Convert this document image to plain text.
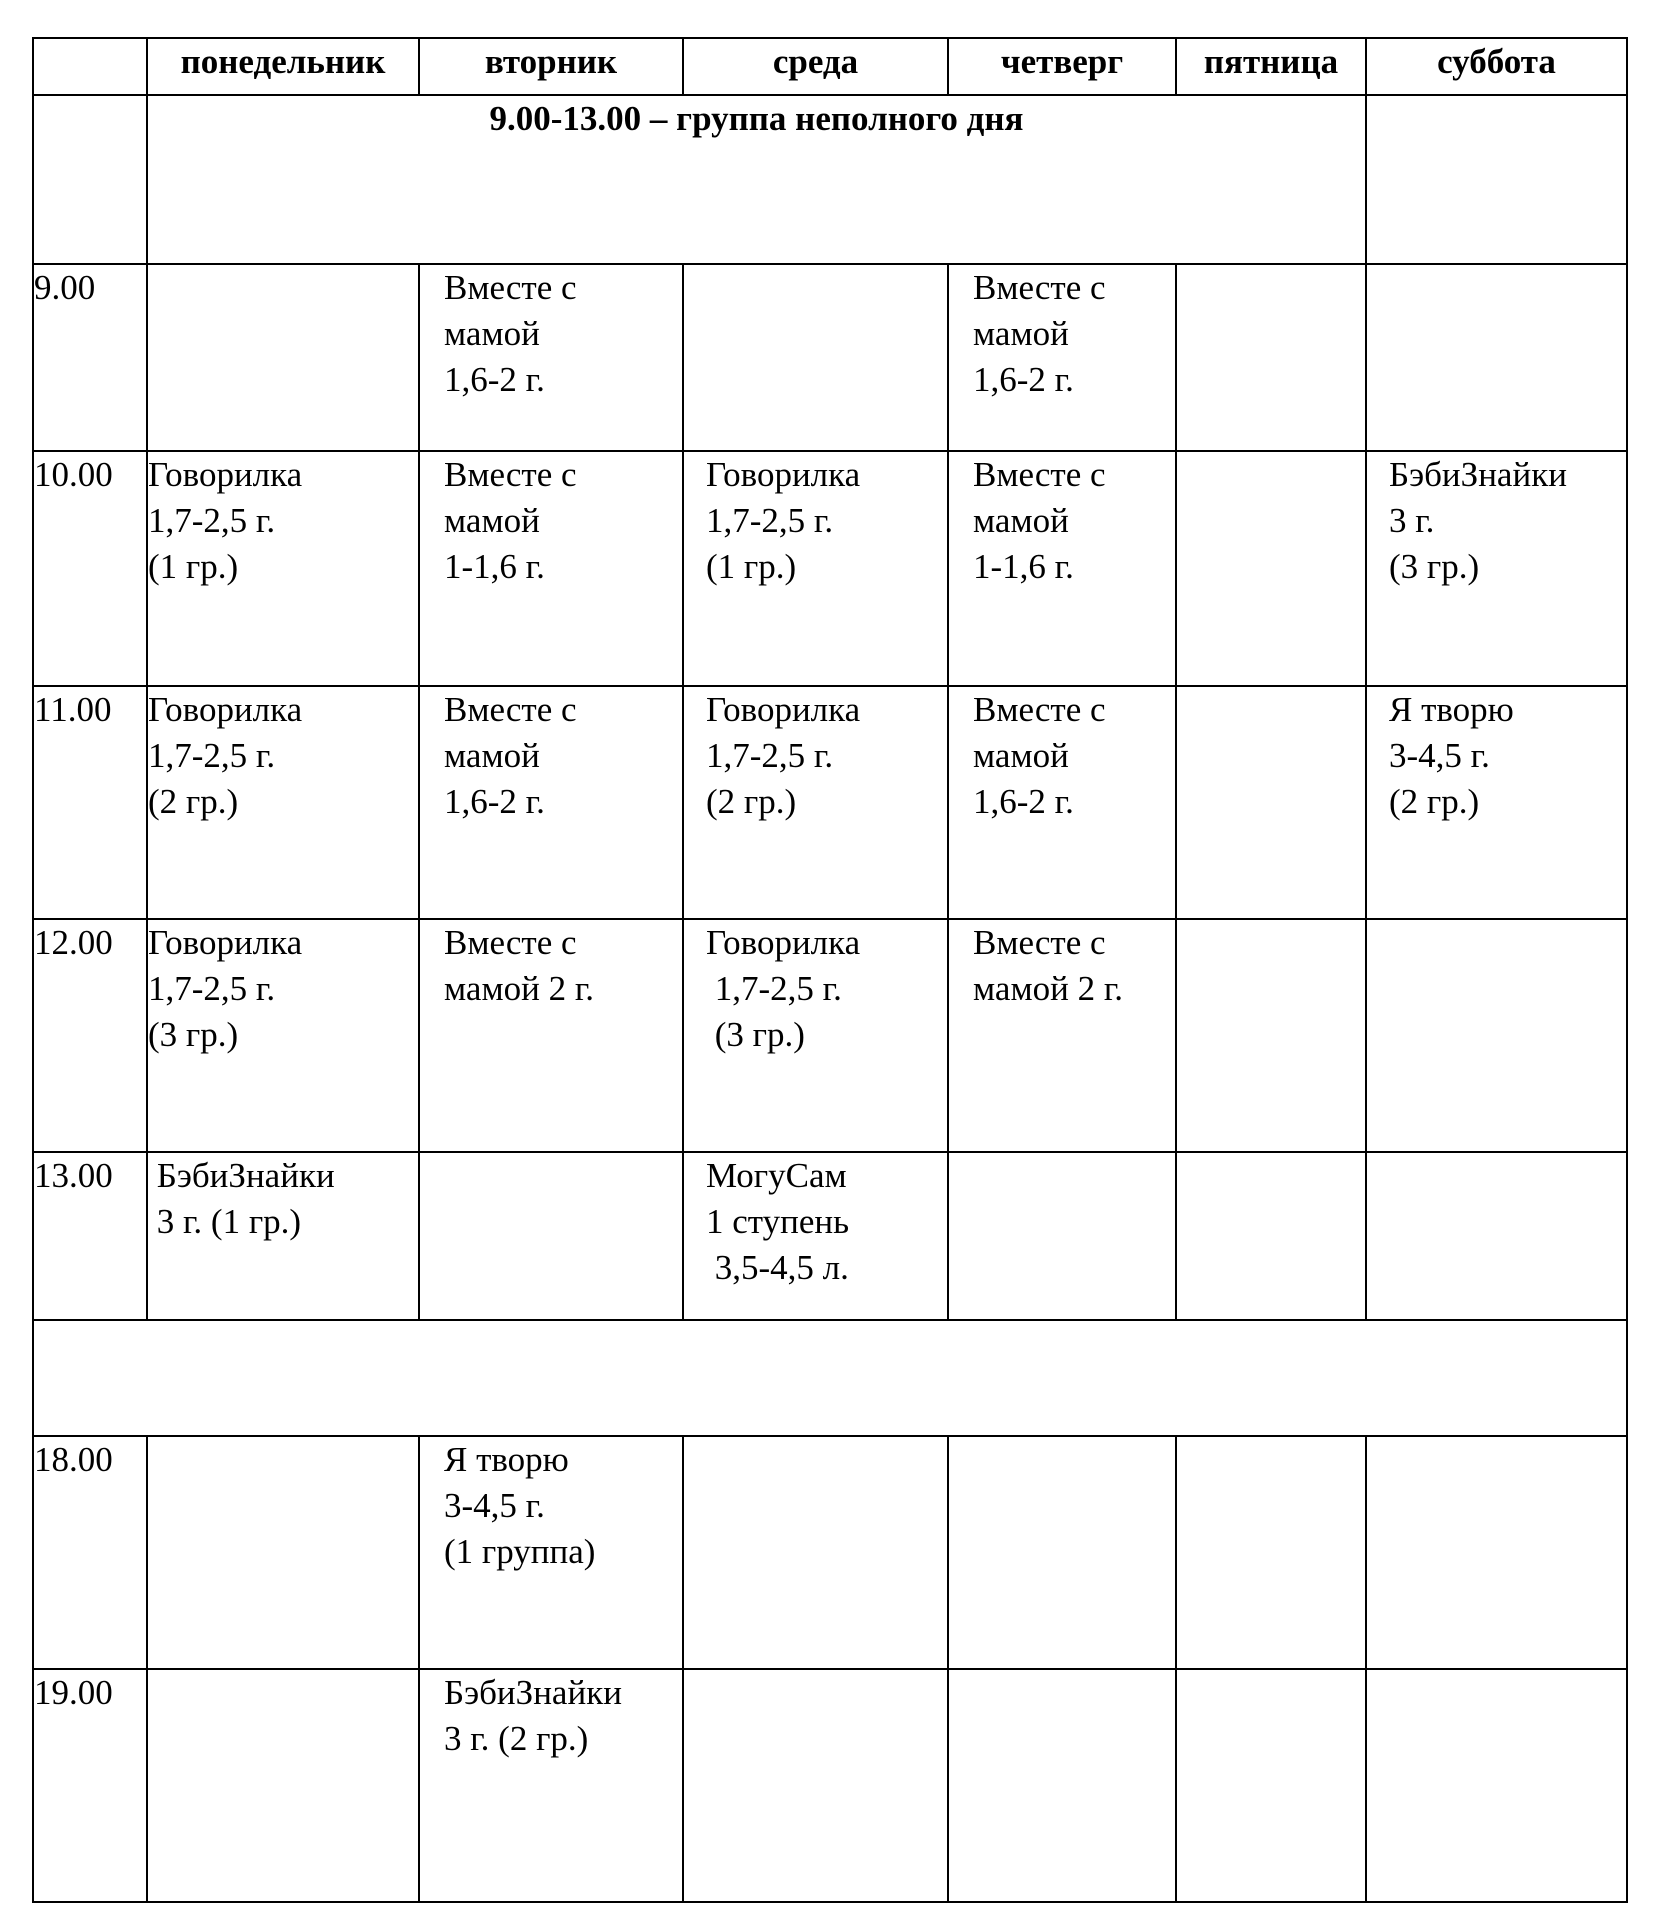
	понедельник	вторник	среда	четверг	пятница	суббота
	9.00-13.00 – группа неполного дня					
9.00		Вместе с
мамой
1,6-2 г.		Вместе с
мамой
1,6-2 г.		

10.00	Говорилка
1,7-2,5 г.
(1 гр.)	Вместе с
мамой
1-1,6 г.	Говорилка
1,7-2,5 г.
(1 гр.)	Вместе с
мамой
1-1,6 г.		БэбиЗнайки
3 г.
(3 гр.)

11.00	Говорилка
1,7-2,5 г.
(2 гр.)	Вместе с
мамой
1,6-2 г.	Говорилка
1,7-2,5 г.
(2 гр.)	Вместе с
мамой
1,6-2 г.		Я творю
3-4,5 г.
(2 гр.)

12.00	Говорилка
1,7-2,5 г.
(3 гр.)	Вместе с
мамой 2 г.	Говорилка
1,7-2,5 г.
(3 гр.)	Вместе с
мамой 2 г.		

13.00	БэбиЗнайки
3 г. (1 гр.)		МогуСам
1 ступень
3,5-4,5 л.			

18.00		Я творю
3-4,5 г.
(1 группа)				

19.00		БэбиЗнайки
3 г. (2 гр.)				
